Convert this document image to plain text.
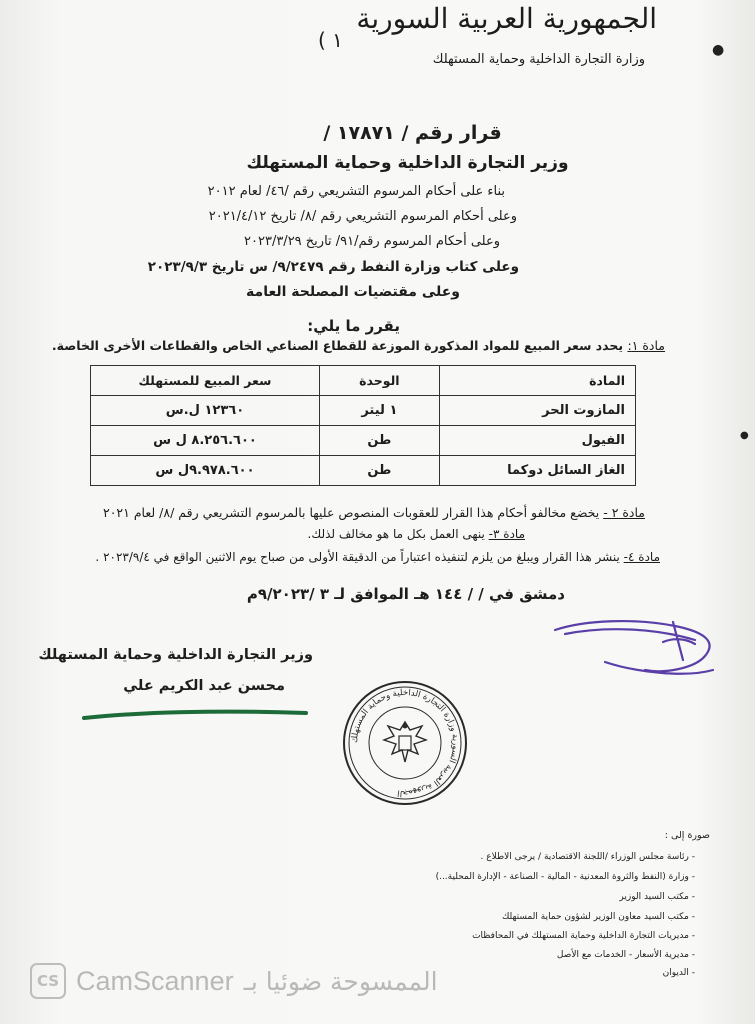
الجمهورية العربية السورية
وزارة التجارة الداخلية وحماية المستهلك
( ١
قرار رقم / ١٧٨٧١ /
وزير التجارة الداخلية وحماية المستهلك
بناء على أحكام المرسوم التشريعي رقم /٤٦/ لعام ٢٠١٢
وعلى أحكام المرسوم التشريعي رقم /٨/ تاريخ ٢٠٢١/٤/١٢
وعلى أحكام المرسوم رقم/٩١/ تاريخ ٢٠٢٣/٣/٢٩
وعلى كتاب وزارة النفط رقم ٩/٢٤٧٩/ س تاريخ ٢٠٢٣/٩/٣
وعلى مقتضيات المصلحة العامة
يقرر ما يلي:
مادة ١: يحدد سعر المبيع للمواد المذكورة الموزعة للقطاع الصناعي الخاص والقطاعات الأخرى الخاصة.
المادة	الوحدة	سعر المبيع للمستهلك
المازوت الحر	١ ليتر	١٢٣٦٠ ل.س
الفيول	طن	٨.٢٥٦.٦٠٠ ل س
الغاز السائل دوكما	طن	٩.٩٧٨.٦٠٠ل س
مادة ٢ - يخضع مخالفو أحكام هذا القرار للعقوبات المنصوص عليها بالمرسوم التشريعي رقم /٨/ لعام ٢٠٢١
مادة ٣- ينهى العمل بكل ما هو مخالف لذلك.
مادة ٤- ينشر هذا القرار ويبلغ من يلزم لتنفيذه اعتباراً من الدقيقة الأولى من صباح يوم الاثنين الواقع في ٢٠٢٣/٩/٤ .
دمشق في / / ١٤٤ هـ الموافق لـ ٣ /٩/٢٠٢٣م
وزير التجارة الداخلية وحماية المستهلك
محسن عبد الكريم علي
الجمهورية العربية السورية وزارة التجارة الداخلية وحماية المستهلك
صورة إلى :
- رئاسة مجلس الوزراء /اللجنة الاقتصادية / يرجى الاطلاع .
- وزارة (النفط والثروة المعدنية - المالية - الصناعة - الإدارة المحلية...)
- مكتب السيد الوزير
- مكتب السيد معاون الوزير لشؤون حماية المستهلك
- مديريات التجارة الداخلية وحماية المستهلك في المحافظات
- مديرية الأسعار - الخدمات مع الأصل
- الديوان
●
●
CS CamScanner الممسوحة ضوئيا بـ
